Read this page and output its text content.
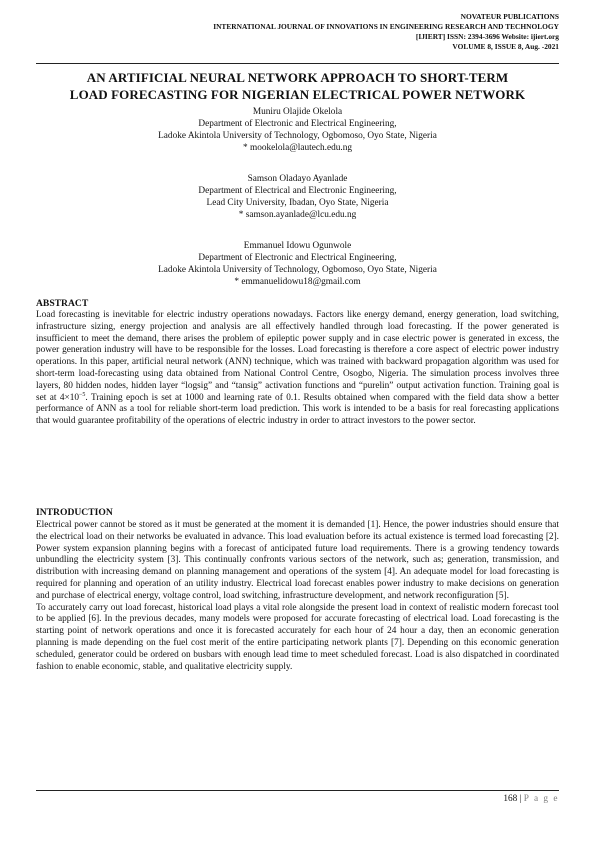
NOVATEUR PUBLICATIONS
INTERNATIONAL JOURNAL OF INNOVATIONS IN ENGINEERING RESEARCH AND TECHNOLOGY
[IJIERT] ISSN: 2394-3696 Website: ijiert.org
VOLUME 8, ISSUE 8, Aug. -2021
AN ARTIFICIAL NEURAL NETWORK APPROACH TO SHORT-TERM
LOAD FORECASTING FOR NIGERIAN ELECTRICAL POWER NETWORK
Muniru Olajide Okelola
Department of Electronic and Electrical Engineering,
Ladoke Akintola University of Technology, Ogbomoso, Oyo State, Nigeria
* mookelola@lautech.edu.ng
Samson Oladayo Ayanlade
Department of Electrical and Electronic Engineering,
Lead City University, Ibadan, Oyo State, Nigeria
* samson.ayanlade@lcu.edu.ng
Emmanuel Idowu Ogunwole
Department of Electronic and Electrical Engineering,
Ladoke Akintola University of Technology, Ogbomoso, Oyo State, Nigeria
* emmanuelidowu18@gmail.com
ABSTRACT

Load forecasting is inevitable for electric industry operations nowadays. Factors like energy demand, energy generation, load switching, infrastructure sizing, energy projection and analysis are all effectively handled through load forecasting. If the power generated is insufficient to meet the demand, there arises the problem of epileptic power supply and in case electric power is generated in excess, the power generation industry will have to be responsible for the losses. Load forecasting is therefore a core aspect of electric power industry operations. In this paper, artificial neural network (ANN) technique, which was trained with backward propagation algorithm was used for short-term load-forecasting using data obtained from National Control Centre, Osogbo, Nigeria. The simulation process involves three layers, 80 hidden nodes, hidden layer “logsig” and “tansig” activation functions and “purelin” output activation function. Training goal is set at $4\times 10^{-5}$. Training epoch is set at 1000 and learning rate of 0.1. Results obtained when compared with the field data show a better performance of ANN as a tool for reliable short-term load prediction. This work is intended to be a basis for real forecasting applications that would guarantee profitability of the operations of electric industry in order to attract investors to the power sector.

INTRODUCTION

Electrical power cannot be stored as it must be generated at the moment it is demanded [1]. Hence, the power industries should ensure that the electrical load on their networks be evaluated in advance. This load evaluation before its actual existence is termed load forecasting [2]. Power system expansion planning begins with a forecast of anticipated future load requirements. There is a growing tendency towards unbundling the electricity system [3]. This continually confronts various sectors of the network, such as; generation, transmission, and distribution with increasing demand on planning management and operations of the system [4]. An adequate model for load forecasting is required for planning and operation of an utility industry. Electrical load forecast enables power industry to make decisions on generation and purchase of electrical energy, voltage control, load switching, infrastructure development, and network reconfiguration [5].

To accurately carry out load forecast, historical load plays a vital role alongside the present load in context of realistic modern forecast tool to be applied [6]. In the previous decades, many models were proposed for accurate forecasting of electrical load. Load forecasting is the starting point of network operations and once it is forecasted accurately for each hour of 24 hour a day, then an economic generation planning is made depending on the fuel cost merit of the entire participating network plants [7]. Depending on this economic generation scheduled, generator could be ordered on busbars with enough lead time to meet scheduled forecast. Load is also dispatched in coordinated fashion to enable economic, stable, and qualitative electricity supply.

168 | P a g e
